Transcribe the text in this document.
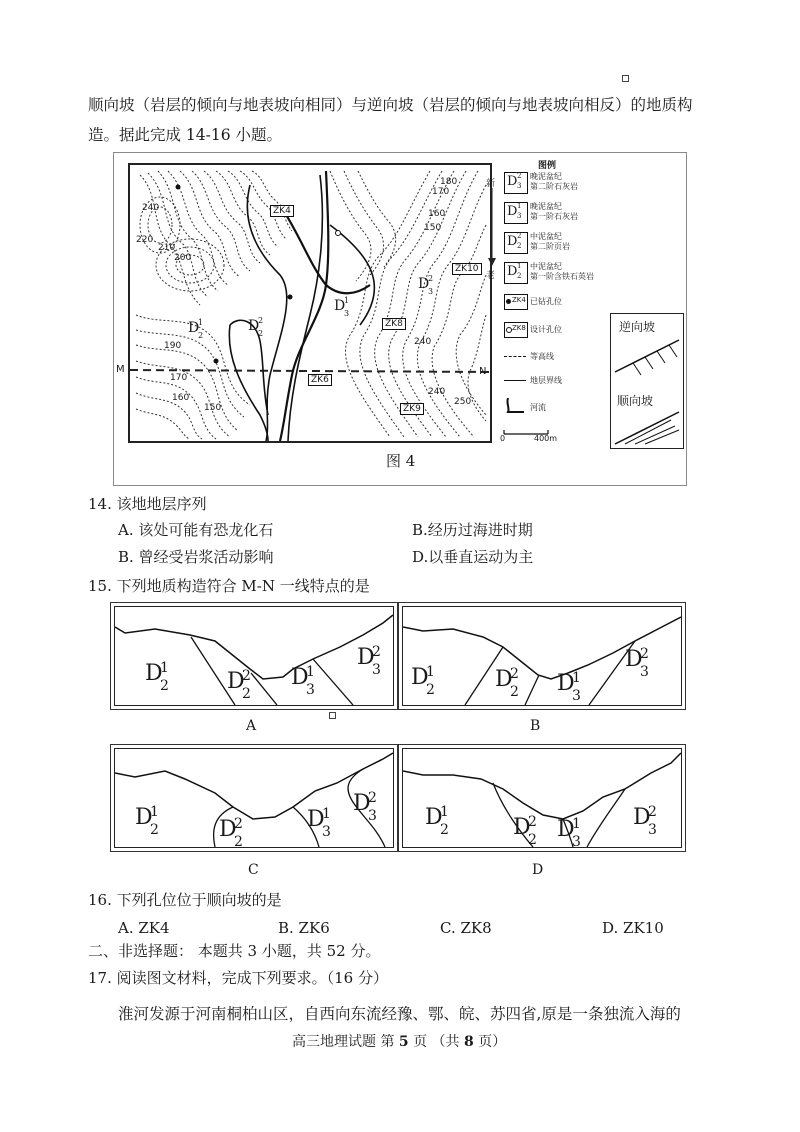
顺向坡（岩层的倾向与地表坡向相同）与逆向坡（岩层的倾向与地表坡向相反）的地质构
造。据此完成 14-16 小题。
ZK4
ZK10
ZK8
ZK6
ZK9
240
220
210
200
190
170
160
150
180
170
160
150
240
240
250
D
1
2
D
2
2
D
1
3
D
2
3
M	N
图例
新
老
D 2
3
晚泥盆纪
第二阶石灰岩
D 1
3
晚泥盆纪
第一阶石灰岩
D 2
2
中泥盆纪
第二阶页岩
D 1
2
中泥盆纪
第一阶含铁石英岩
ZK4 已钻孔位
ZK8 设计孔位
等高线
地层界线
河流
0	400m
逆向坡
顺向坡
图 4
14. 该地地层序列
A. 该处可能有恐龙化石	B.经历过海进时期
B. 曾经受岩浆活动影响	D.以垂直运动为主
15. 下列地质构造符合 M-N 一线特点的是
D
1
2	D
2
2
D
1
3
D
2
3
A
D
1
2	D
2
2 D
1
3
D
2
3
B
D
1
2	D
2
2
D
1
3
D
2
3
C
D
1
2	D
2
2 D
1
3
D
2
3
D
16. 下列孔位位于顺向坡的是
A. ZK4	B. ZK6	C. ZK8	D. ZK10
二、非选择题： 本题共 3 小题，共 52 分。
17. 阅读图文材料，完成下列要求。（16 分）
淮河发源于河南桐柏山区，自西向东流经豫、鄂、皖、苏四省,原是一条独流入海的
高三地理试题 第 5 页 （共 8 页）
